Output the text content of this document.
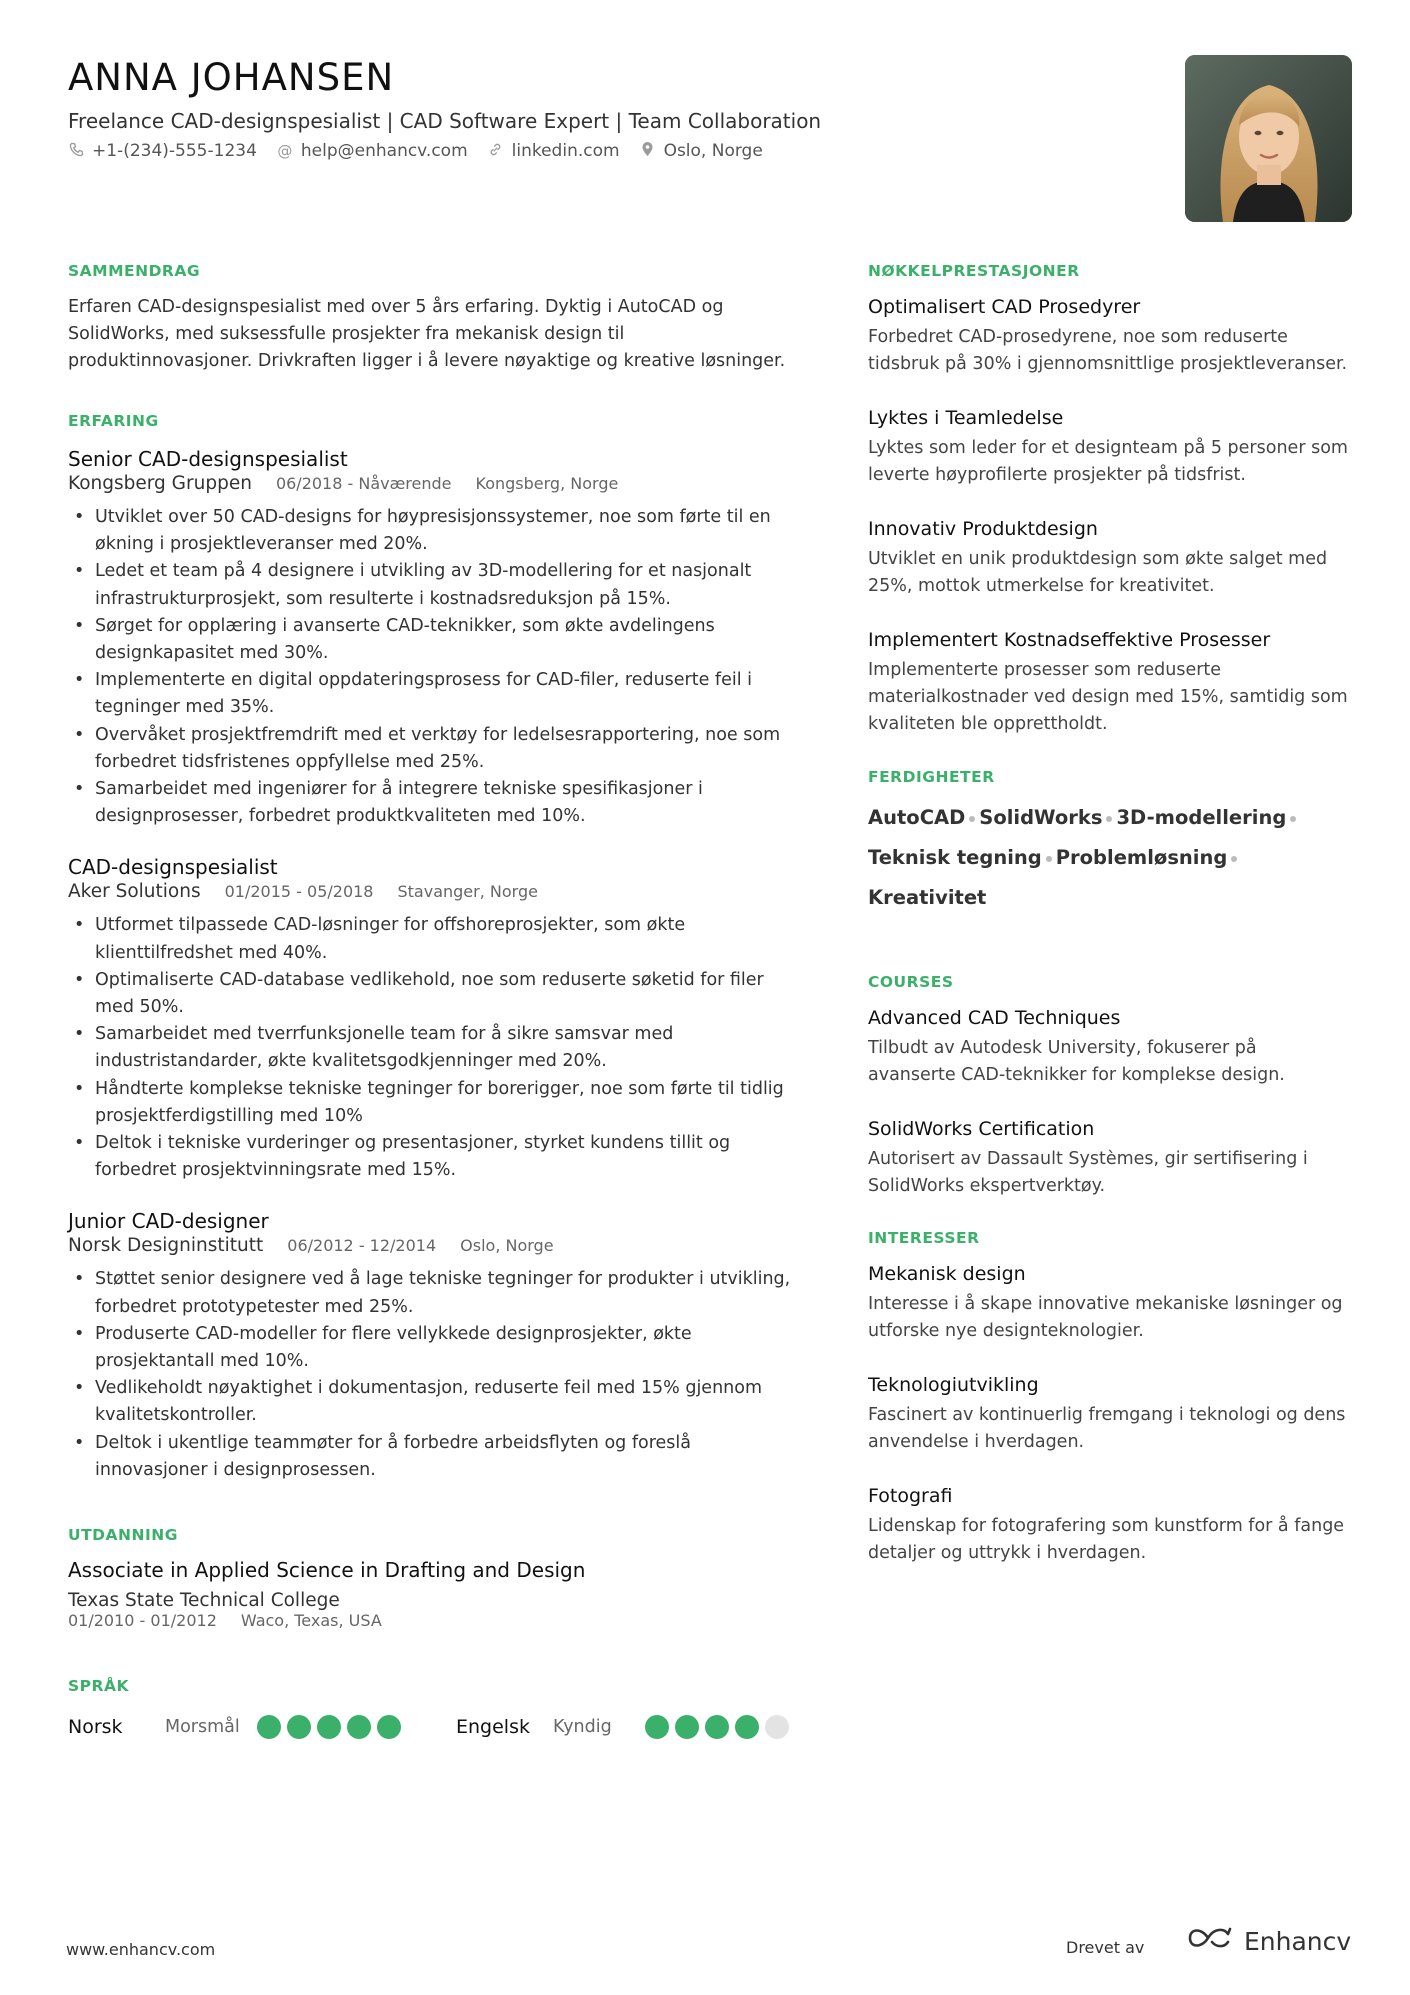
ANNA JOHANSEN
Freelance CAD-designspesialist | CAD Software Expert | Team Collaboration
+1-(234)-555-1234 @ help@enhancv.com	linkedin.com	Oslo, Norge
SAMMENDRAG

Erfaren CAD-designspesialist med over 5 års erfaring. Dyktig i AutoCAD og SolidWorks, med suksessfulle prosjekter fra mekanisk design til produktinnovasjoner. Drivkraften ligger i å levere nøyaktige og kreative løsninger.

ERFARING
Senior CAD-designspesialist
Kongsberg Gruppen 06/2018 - Nåværende Kongsberg, Norge
• Utviklet over 50 CAD-designs for høypresisjonssystemer, noe som førte til en økning i prosjektleveranser med 20%.
• Ledet et team på 4 designere i utvikling av 3D-modellering for et nasjonalt infrastrukturprosjekt, som resulterte i kostnadsreduksjon på 15%.
• Sørget for opplæring i avanserte CAD-teknikker, som økte avdelingens designkapasitet med 30%.
• Implementerte en digital oppdateringsprosess for CAD-filer, reduserte feil i tegninger med 35%.
• Overvåket prosjektfremdrift med et verktøy for ledelsesrapportering, noe som forbedret tidsfristenes oppfyllelse med 25%.
• Samarbeidet med ingeniører for å integrere tekniske spesifikasjoner i designprosesser, forbedret produktkvaliteten med 10%.
CAD-designspesialist
Aker Solutions 01/2015 - 05/2018 Stavanger, Norge
• Utformet tilpassede CAD-løsninger for offshoreprosjekter, som økte klienttilfredshet med 40%.
• Optimaliserte CAD-database vedlikehold, noe som reduserte søketid for filer med 50%.
• Samarbeidet med tverrfunksjonelle team for å sikre samsvar med industristandarder, økte kvalitetsgodkjenninger med 20%.
• Håndterte komplekse tekniske tegninger for borerigger, noe som førte til tidlig prosjektferdigstilling med 10%
• Deltok i tekniske vurderinger og presentasjoner, styrket kundens tillit og forbedret prosjektvinningsrate med 15%.
Junior CAD-designer
Norsk Designinstitutt 06/2012 - 12/2014 Oslo, Norge
• Støttet senior designere ved å lage tekniske tegninger for produkter i utvikling, forbedret prototypetester med 25%.
• Produserte CAD-modeller for flere vellykkede designprosjekter, økte prosjektantall med 10%.
• Vedlikeholdt nøyaktighet i dokumentasjon, reduserte feil med 15% gjennom kvalitetskontroller.
• Deltok i ukentlige teammøter for å forbedre arbeidsflyten og foreslå innovasjoner i designprosessen.
UTDANNING
Associate in Applied Science in Drafting and Design
Texas State Technical College
01/2010 - 01/2012 Waco, Texas, USA
SPRÅK
Norsk	Morsmål	Engelsk	Kyndig
NØKKELPRESTASJONER
Optimalisert CAD Prosedyrer
Forbedret CAD-prosedyrene, noe som reduserte tidsbruk på 30% i gjennomsnittlige prosjektleveranser.
Lyktes i Teamledelse
Lyktes som leder for et designteam på 5 personer som leverte høyprofilerte prosjekter på tidsfrist.
Innovativ Produktdesign
Utviklet en unik produktdesign som økte salget med 25%, mottok utmerkelse for kreativitet.
Implementert Kostnadseffektive Prosesser
Implementerte prosesser som reduserte materialkostnader ved design med 15%, samtidig som kvaliteten ble opprettholdt.
FERDIGHETER
AutoCAD SolidWorks 3D-modellering
Teknisk tegning ProblemløsningKreativitet
COURSES
Advanced CAD Techniques
Tilbudt av Autodesk University, fokuserer på avanserte CAD-teknikker for komplekse design.
SolidWorks Certification
Autorisert av Dassault Systèmes, gir sertifisering i SolidWorks ekspertverktøy.
INTERESSER
Mekanisk design
Interesse i å skape innovative mekaniske løsninger og utforske nye designteknologier.
Teknologiutvikling
Fascinert av kontinuerlig fremgang i teknologi og dens anvendelse i hverdagen.
Fotografi
Lidenskap for fotografering som kunstform for å fange detaljer og uttrykk i hverdagen.
www.enhancv.com	Drevet av	Enhancv
